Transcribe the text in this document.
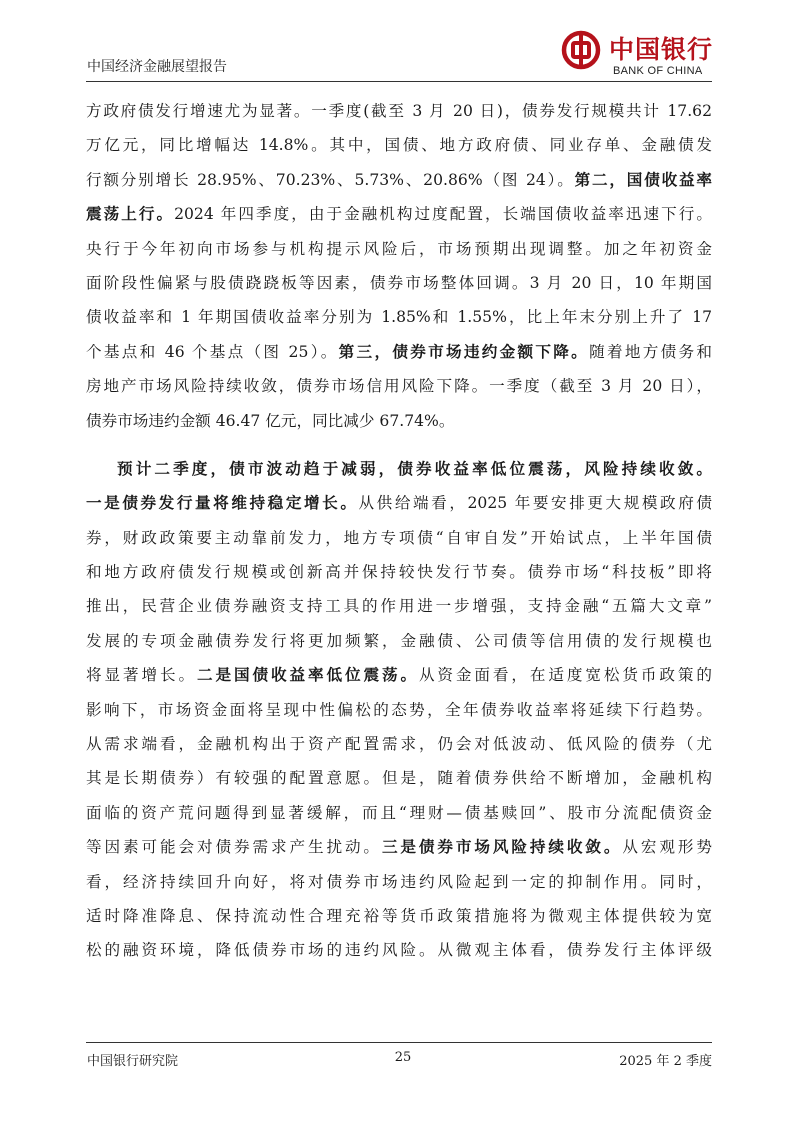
中国经济金融展望报告
中国银行
BANK OF CHINA
方政府债发行增速尤为显著。一季度(截至 3 月 20 日)，债券发行规模共计 17.62
万亿元，同比增幅达 14.8%。其中，国债、地方政府债、同业存单、金融债发
行额分别增长 28.95%、70.23%、5.73%、20.86%（图 24）。第二，国债收益率
震荡上行。2024 年四季度，由于金融机构过度配置，长端国债收益率迅速下行。
央行于今年初向市场参与机构提示风险后，市场预期出现调整。加之年初资金
面阶段性偏紧与股债跷跷板等因素，债券市场整体回调。3 月 20 日，10 年期国
债收益率和 1 年期国债收益率分别为 1.85%和 1.55%，比上年末分别上升了 17
个基点和 46 个基点（图 25）。第三，债券市场违约金额下降。随着地方债务和
房地产市场风险持续收敛，债券市场信用风险下降。一季度（截至 3 月 20 日），
债券市场违约金额 46.47 亿元，同比减少 67.74%。
预计二季度，债市波动趋于减弱，债券收益率低位震荡，风险持续收敛。
一是债券发行量将维持稳定增长。从供给端看，2025 年要安排更大规模政府债
券，财政政策要主动靠前发力，地方专项债“自审自发”开始试点，上半年国债
和地方政府债发行规模或创新高并保持较快发行节奏。债券市场“科技板”即将
推出，民营企业债券融资支持工具的作用进一步增强，支持金融“五篇大文章”
发展的专项金融债券发行将更加频繁，金融债、公司债等信用债的发行规模也
将显著增长。二是国债收益率低位震荡。从资金面看，在适度宽松货币政策的
影响下，市场资金面将呈现中性偏松的态势，全年债券收益率将延续下行趋势。
从需求端看，金融机构出于资产配置需求，仍会对低波动、低风险的债券（尤
其是长期债券）有较强的配置意愿。但是，随着债券供给不断增加，金融机构
面临的资产荒问题得到显著缓解，而且“理财—债基赎回”、股市分流配债资金
等因素可能会对债券需求产生扰动。三是债券市场风险持续收敛。从宏观形势
看，经济持续回升向好，将对债券市场违约风险起到一定的抑制作用。同时，
适时降准降息、保持流动性合理充裕等货币政策措施将为微观主体提供较为宽
松的融资环境，降低债券市场的违约风险。从微观主体看，债券发行主体评级
中国银行研究院	25	2025 年 2 季度
